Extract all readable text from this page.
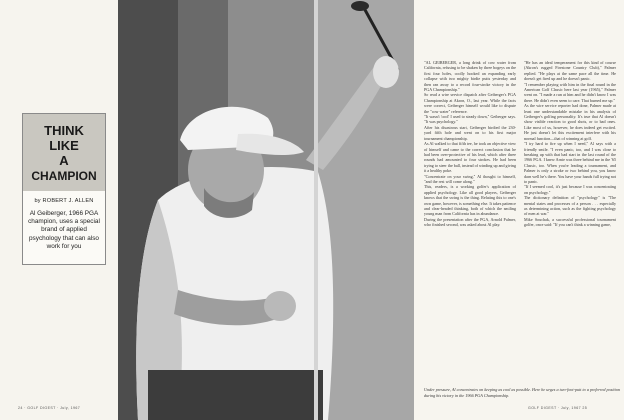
THINK
LIKE
A
CHAMPION
by ROBERT J. ALLEN
Al Geiberger, 1966 PGA champion, uses a special brand of applied psychology that can also work for you
24 · GOLF DIGEST · July, 1967

"A​L GEIBERGER, a long drink of cow water from California, refusing to be shaken by three bogeys on the first four holes, coolly hooked an expanding early collapse with two mighty birdie putts yesterday and then ran away to a record four-stroke victory in the PGA Championship."

So read a wire service dispatch after Geiberger's PGA Championship at Akron, O., last year. While the facts were correct, Geiberger himself would like to dispute the "cow water" reference.

"It wasn't 'cool' I used to steady down," Geiberger says. "It was psychology."

After his disastrous start, Geiberger birdied the 230-yard fifth hole and went on to his first major tournament championship.

As Al walked to that fifth tee, he took an objective view of himself and came to the correct conclusion that he had been over-protective of his lead, which after three rounds had amounted to four strokes. He had been trying to steer the ball, instead of winding up and giving it a healthy poke.

"Concentrate on your swing," Al thought to himself, "and the rest will come along."

This, readers, is a working golfer's application of applied psychology. Like all good players, Geiberger knows that the swing is the thing. Relating this to one's own game, however, is something else. It takes patience and clear-headed thinking, both of which the smiling young man from California has in abundance.

During the presentation after the PGA, Arnold Palmer, who finished second, was asked about Al play.

"He has an ideal temperament for this kind of course (Akron's rugged Firestone Country Club)," Palmer replied. "He plays at the same pace all the time. He doesn't get fired up and he doesn't panic.

"I remember playing with him in the final round in the American Golf Classic here last year (1965)," Palmer went on. "I made a run at him and he didn't know I was there. He didn't even seem to care. That burned me up."

As the wire service reporter had done, Palmer made at least one understandable mistake in his analysis of Geiberger's golfing personality. It's true that Al doesn't show visible reaction to good shots, or to bad ones. Like most of us, however, he does indeed get excited. He just doesn't let this excitement interfere with his normal function—that of winning at golf.

"I try hard to fire up when I need," Al says with a friendly smile. "I even panic, too, and I was close to breaking up with that bad start in the last round of the 1966 PGA. I knew Arnie was three behind me in the '65 Classic, too. When you're leading a tournament, and Palmer is only a stroke or two behind you, you know darn well he's there. You have your hands full trying not to panic.

"If I seemed cool, it's just because I was concentrating on psychology."

The dictionary definition of "psychology" is "The mental states and processes of a person . . . especially as determining action, such as the fighting psychology of men at war."

Mike Souchak, a successful professional tournament golfer, once said: "If you can't think a winning game,

Under pressure, Al concentrates on keeping as cool as possible. Here he urges a two-foot-putt to a preferred position during his victory in the 1966 PGA Championship.
GOLF DIGEST · July, 1967 25
